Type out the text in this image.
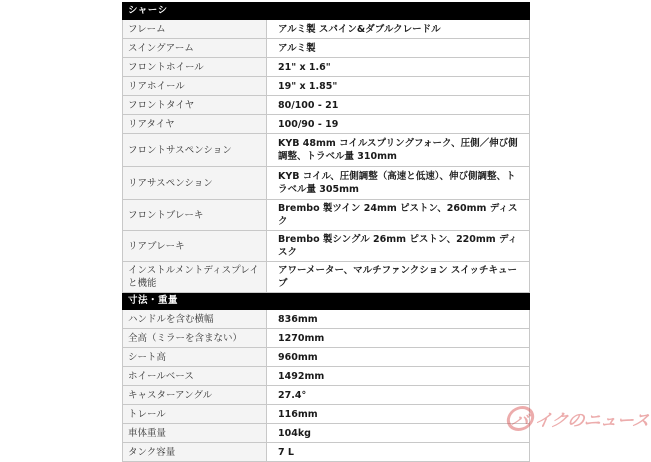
シャーシ	
フレーム	アルミ製 スパイン&ダブルクレードル
スイングアーム	アルミ製
フロントホイール	21" x 1.6"
リアホイール	19" x 1.85"
フロントタイヤ	80/100 - 21
リアタイヤ	100/90 - 19
フロントサスペンション	KYB 48mm コイルスプリングフォーク、圧側／伸び側調整、トラベル量 310mm
リアサスペンション	KYB コイル、圧側調整（高速と低速）、伸び側調整、トラベル量 305mm
フロントブレーキ	Brembo 製ツイン 24mm ピストン、260mm ディスク
リアブレーキ	Brembo 製シングル 26mm ピストン、220mm ディスク
インストルメントディスプレイと機能	アワーメーター、マルチファンクション スイッチキューブ
寸法・重量	
ハンドルを含む横幅	836mm
全高（ミラーを含まない）	1270mm
シート高	960mm
ホイールベース	1492mm
キャスターアングル	27.4°
トレール	116mm
車体重量	104kg
タンク容量	7 L
バ イクのニュース
